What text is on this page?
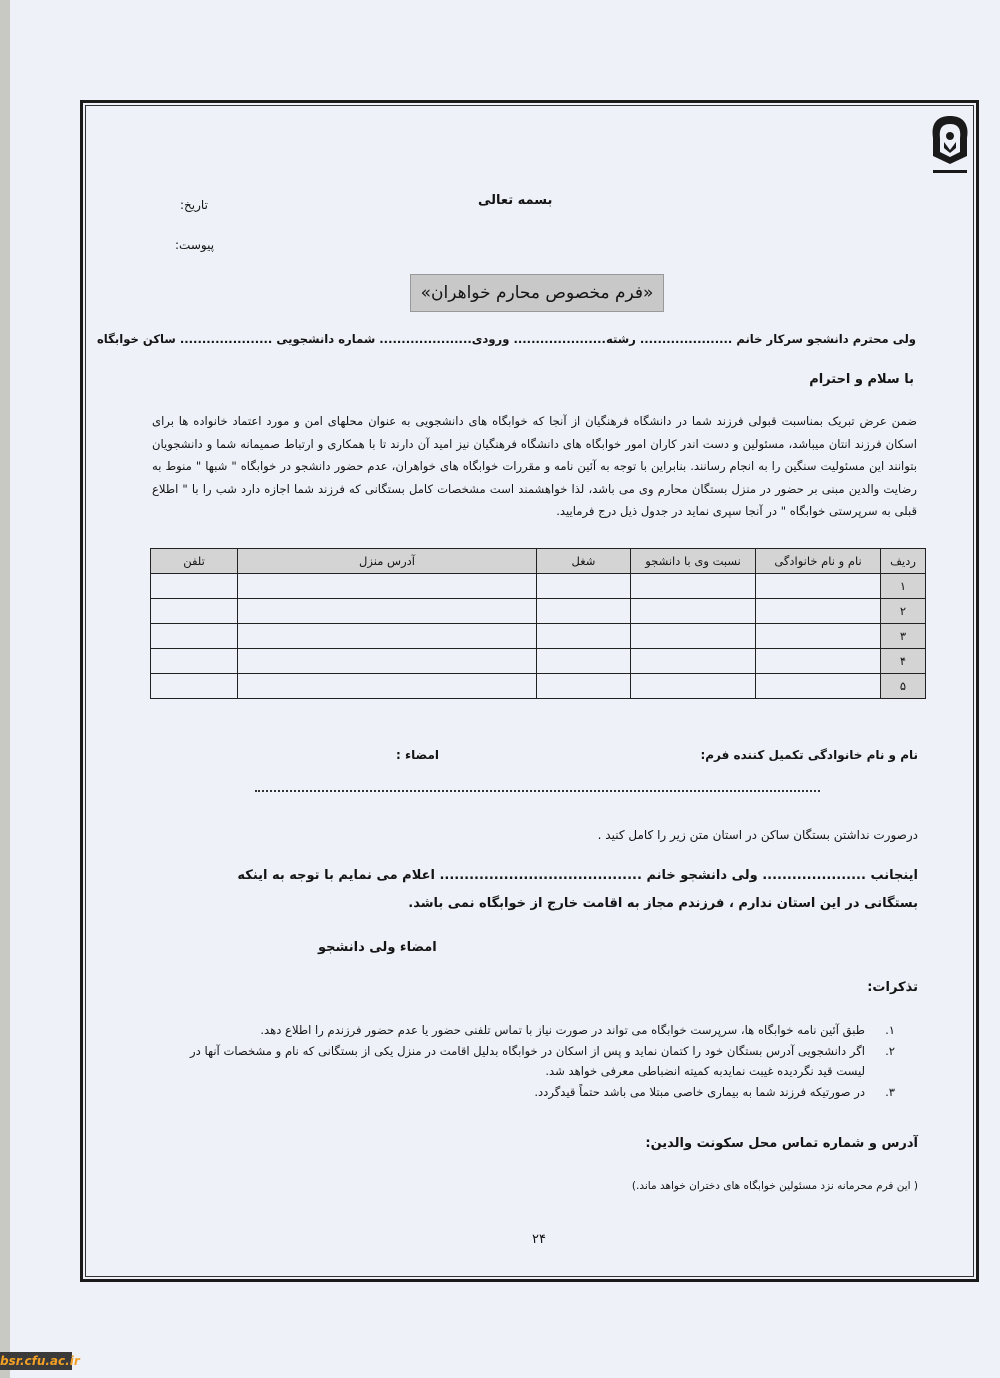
بسمه تعالی
تاریخ:
پیوست:
«فرم مخصوص محارم خواهران»
ولی محترم دانشجو سرکار خانم ..................... رشته..................... ورودی..................... شماره دانشجویی ..................... ساکن خوابگاه
با سلام و احترام
ضمن عرض تبریک بمناسبت قبولی فرزند شما در دانشگاه فرهنگیان از آنجا که خوابگاه های دانشجویی به عنوان محلهای امن و مورد اعتماد خانواده ها برای اسکان فرزند انتان میباشد، مسئولین و دست اندر کاران امور خوابگاه های دانشگاه فرهنگیان نیز امید آن دارند تا با همکاری و ارتباط صمیمانه شما و دانشجویان بتوانند این مسئولیت سنگین را به انجام رسانند. بنابراین با توجه به آئین نامه و مقررات خوابگاه های خواهران، عدم حضور دانشجو در خوابگاه " شبها " منوط به رضایت والدین مبنی بر حضور در منزل بستگان محارم وی می باشد، لذا خواهشمند است مشخصات کامل بستگانی که فرزند شما اجازه دارد شب را با " اطلاع قبلی به سرپرستی خوابگاه " در آنجا سپری نماید در جدول ذیل درج فرمایید.
ردیف	نام و نام خانوادگی	نسبت وی با دانشجو	شغل	آدرس منزل	تلفن
۱					
۲					
۳					
۴					
۵					
نام و نام خانوادگی تکمیل کننده فرم:
امضاء :
درصورت نداشتن بستگان ساکن در استان متن زیر را کامل کنید .
اینجانب ..................... ولی دانشجو خانم ......................................... اعلام می نمایم با توجه به اینکه
بستگانی در این استان ندارم ، فرزندم مجاز به اقامت خارج از خوابگاه نمی باشد.
امضاء ولی دانشجو
تذکرات:
۱.
طبق آئین نامه خوابگاه ها، سرپرست خوابگاه می تواند در صورت نیاز با تماس تلفنی حضور یا عدم حضور فرزندم را اطلاع دهد.
۲.
اگر دانشجویی آدرس بستگان خود را کتمان نماید و پس از اسکان در خوابگاه بدلیل اقامت در منزل یکی از بستگانی که نام و مشخصات آنها در لیست قید نگردیده غیبت نمایدبه کمیته انضباطی معرفی خواهد شد.
۳.
در صورتیکه فرزند شما به بیماری خاصی مبتلا می باشد حتماً قیدگردد.
آدرس و شماره تماس محل سکونت والدین:
( این فرم محرمانه نزد مسئولین خوابگاه های دختران خواهد ماند.)
۲۴
bsr.cfu.ac.ir
